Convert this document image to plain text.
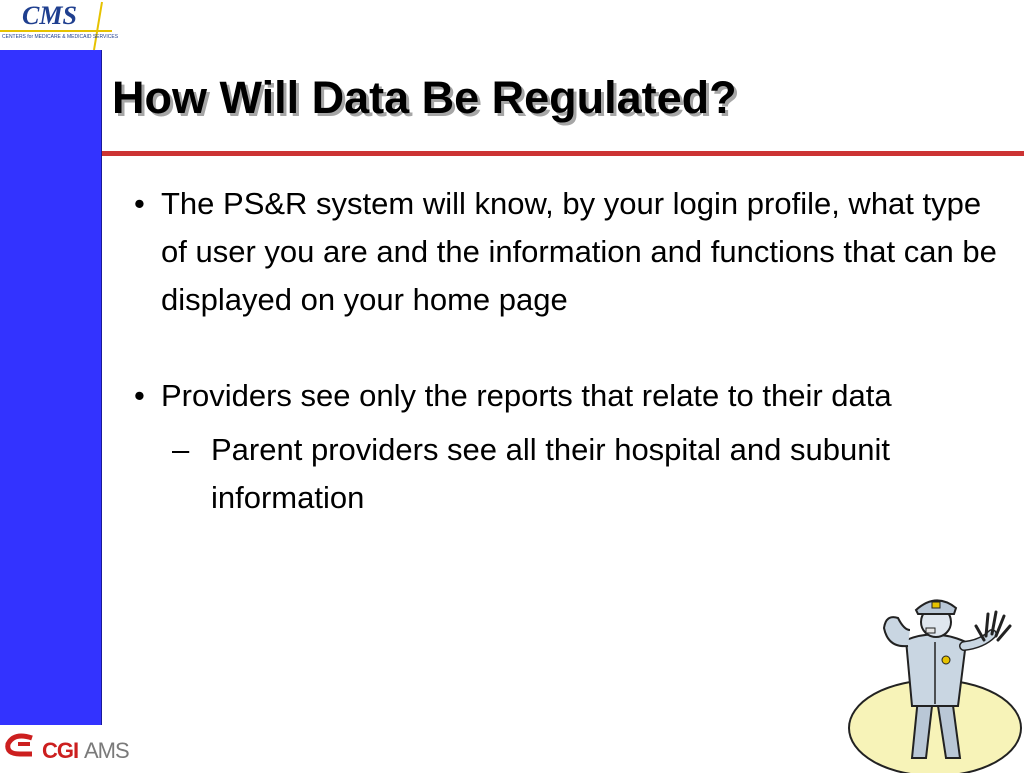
CMS
CENTERS for MEDICARE & MEDICAID SERVICES
How Will Data Be Regulated?
• The PS&R system will know, by your login profile, what type of user you are and the information and functions that can be displayed on your home page
• Providers see only the reports that relate to their data
– Parent providers see all their hospital and subunit information
CGI AMS
